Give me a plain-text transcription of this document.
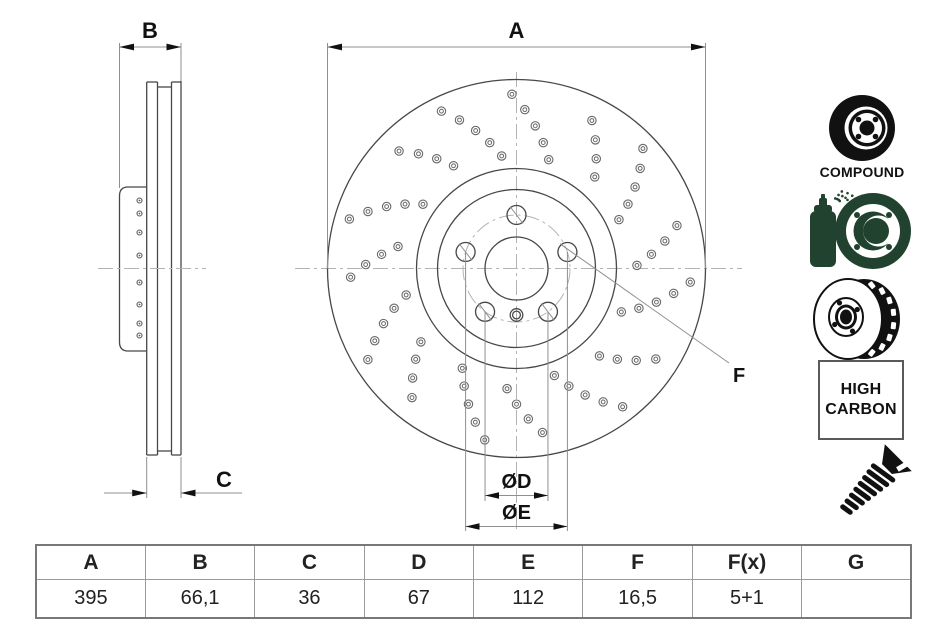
B
C
A
F
ØD
ØE
COMPOUND
HIGH
CARBON
A	B	C	D	E	F	F(x)	G
395	66,1	36	67	112	16,5	5+1	
